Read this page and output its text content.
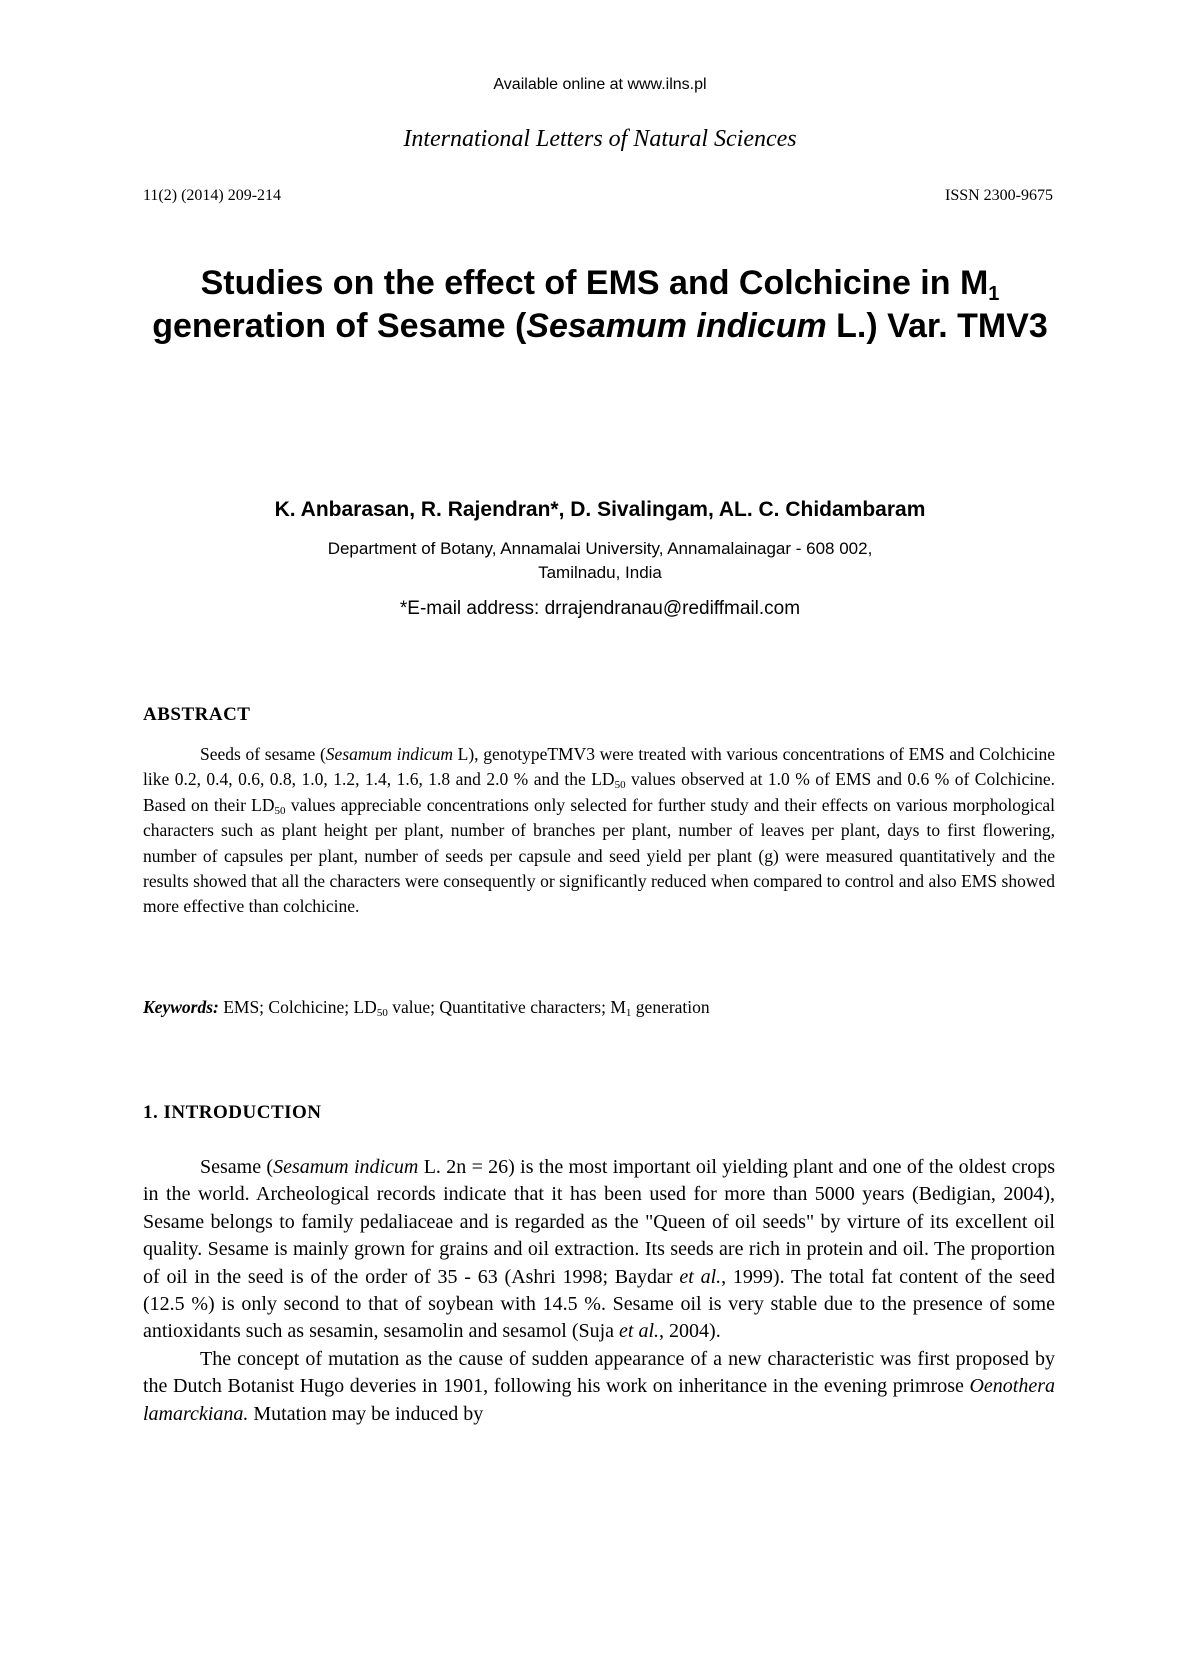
Available online at www.ilns.pl
International Letters of Natural Sciences
11(2) (2014) 209-214	ISSN 2300-9675
Studies on the effect of EMS and Colchicine in $M_1$ generation of Sesame (Sesamum indicum L.) Var. TMV3
K. Anbarasan, R. Rajendran*, D. Sivalingam, AL. C. Chidambaram
Department of Botany, Annamalai University, Annamalainagar - 608 002,
Tamilnadu, India
*E-mail address: drrajendranau@rediffmail.com
ABSTRACT

Seeds of sesame (Sesamum indicum L), genotypeTMV3 were treated with various concentrations of EMS and Colchicine like 0.2, 0.4, 0.6, 0.8, 1.0, 1.2, 1.4, 1.6, 1.8 and 2.0 % and the $LD_{50}$ values observed at 1.0 % of EMS and 0.6 % of Colchicine. Based on their $LD_{50}$ values appreciable concentrations only selected for further study and their effects on various morphological characters such as plant height per plant, number of branches per plant, number of leaves per plant, days to first flowering, number of capsules per plant, number of seeds per capsule and seed yield per plant (g) were measured quantitatively and the results showed that all the characters were consequently or significantly reduced when compared to control and also EMS showed more effective than colchicine.

Keywords: EMS; Colchicine; $LD_{50}$ value; Quantitative characters; $M_1$ generation
1. INTRODUCTION

Sesame (Sesamum indicum L. 2n = 26) is the most important oil yielding plant and one of the oldest crops in the world. Archeological records indicate that it has been used for more than 5000 years (Bedigian, 2004), Sesame belongs to family pedaliaceae and is regarded as the "Queen of oil seeds" by virture of its excellent oil quality. Sesame is mainly grown for grains and oil extraction. Its seeds are rich in protein and oil. The proportion of oil in the seed is of the order of 35 - 63 (Ashri 1998; Baydar et al., 1999). The total fat content of the seed (12.5 %) is only second to that of soybean with 14.5 %. Sesame oil is very stable due to the presence of some antioxidants such as sesamin, sesamolin and sesamol (Suja et al., 2004).

The concept of mutation as the cause of sudden appearance of a new characteristic was first proposed by the Dutch Botanist Hugo deveries in 1901, following his work on inheritance in the evening primrose Oenothera lamarckiana. Mutation may be induced by
